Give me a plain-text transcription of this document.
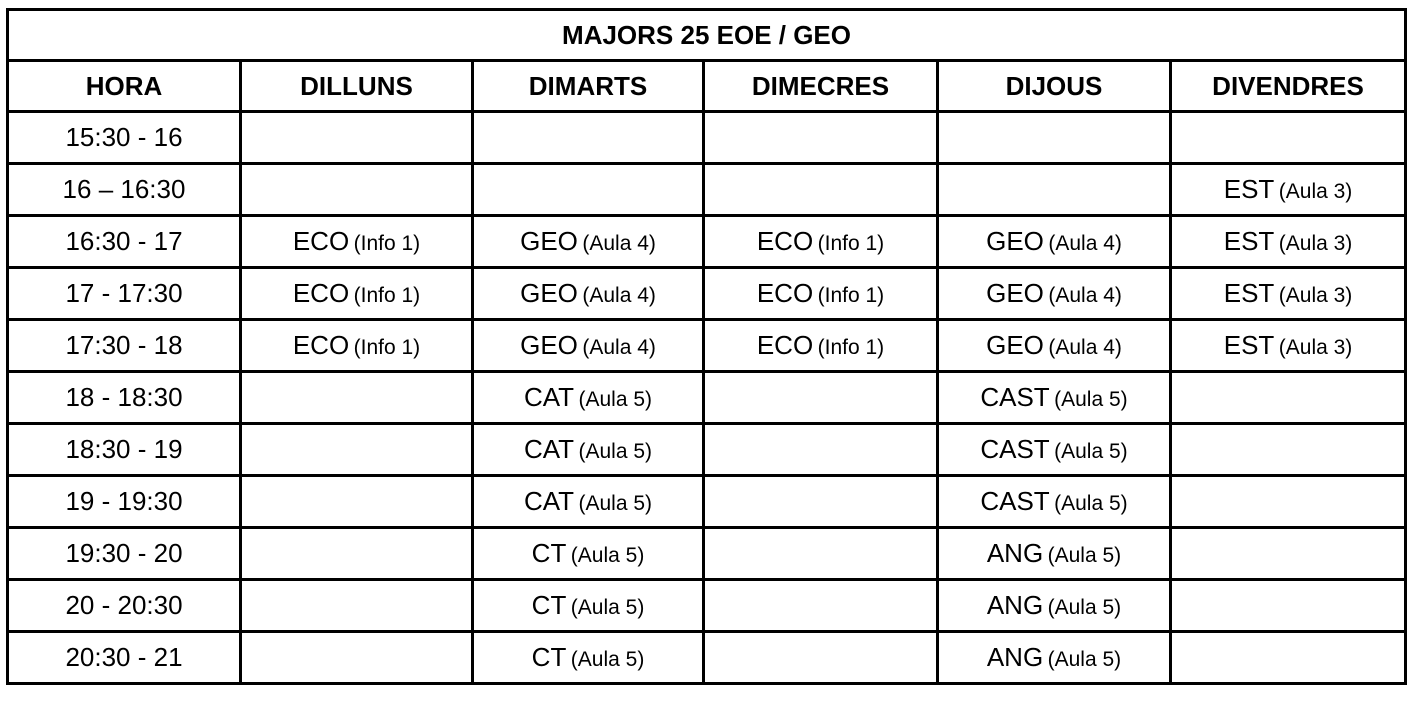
MAJORS 25 EOE / GEO					
HORA	DILLUNS	DIMARTS	DIMECRES	DIJOUS	DIVENDRES
15:30 - 16					
16 – 16:30					EST (Aula 3)
16:30 - 17	ECO (Info 1)	GEO (Aula 4)	ECO (Info 1)	GEO (Aula 4)	EST (Aula 3)
17 - 17:30	ECO (Info 1)	GEO (Aula 4)	ECO (Info 1)	GEO (Aula 4)	EST (Aula 3)
17:30 - 18	ECO (Info 1)	GEO (Aula 4)	ECO (Info 1)	GEO (Aula 4)	EST (Aula 3)
18 - 18:30		CAT (Aula 5)		CAST (Aula 5)	
18:30 - 19		CAT (Aula 5)		CAST (Aula 5)	
19 - 19:30		CAT (Aula 5)		CAST (Aula 5)	
19:30 - 20		CT (Aula 5)		ANG (Aula 5)	
20 - 20:30		CT (Aula 5)		ANG (Aula 5)	
20:30 - 21		CT (Aula 5)		ANG (Aula 5)	
